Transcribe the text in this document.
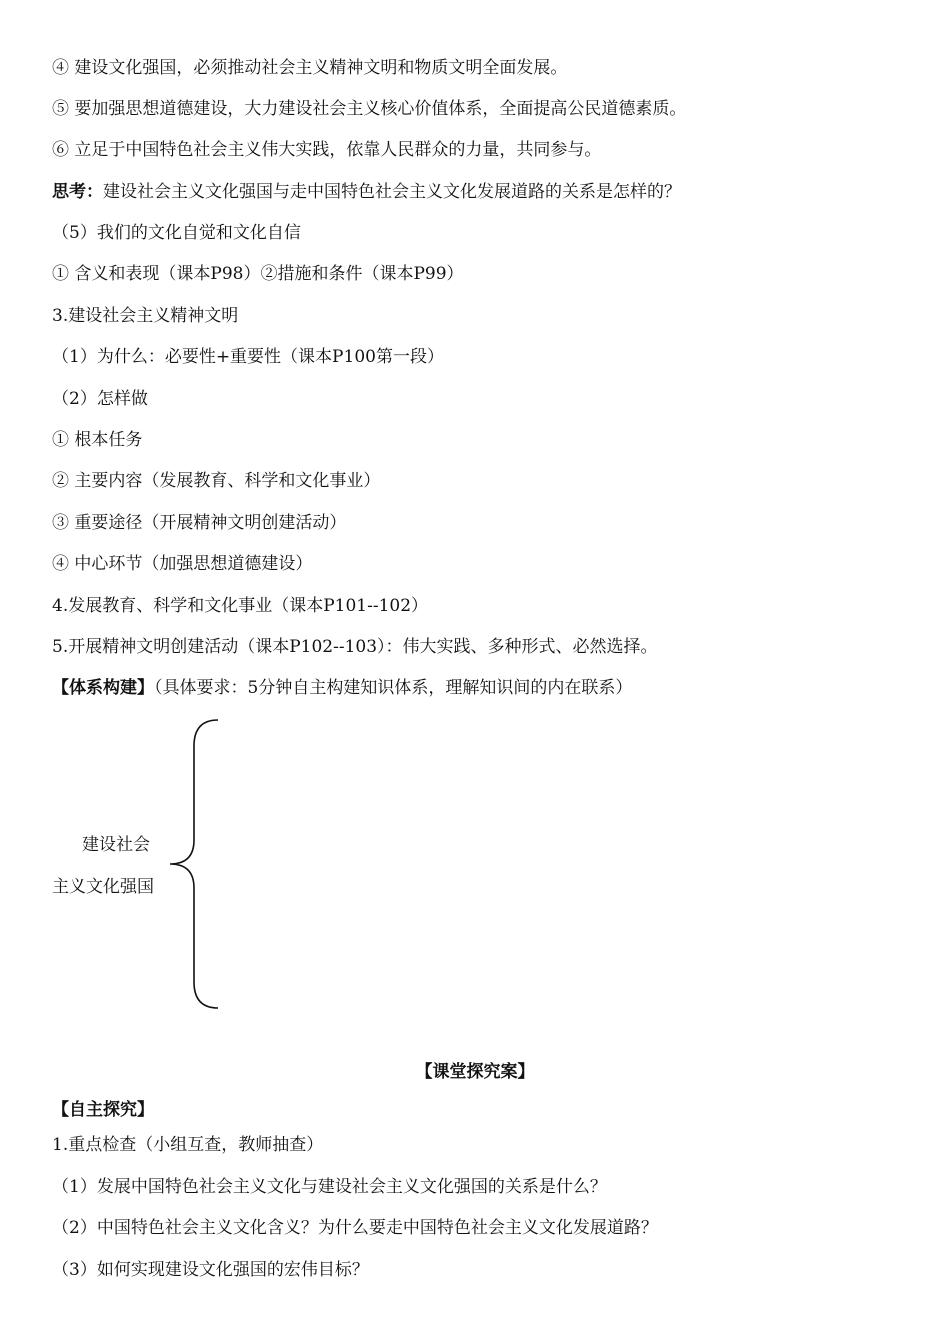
④ 建设文化强国，必须推动社会主义精神文明和物质文明全面发展。
⑤ 要加强思想道德建设，大力建设社会主义核心价值体系，全面提高公民道德素质。
⑥ 立足于中国特色社会主义伟大实践，依靠人民群众的力量，共同参与。
思考：建设社会主义文化强国与走中国特色社会主义文化发展道路的关系是怎样的？
（5）我们的文化自觉和文化自信
① 含义和表现（课本P98）②措施和条件（课本P99）
3.建设社会主义精神文明
（1）为什么：必要性+重要性（课本P100第一段）
（2）怎样做
① 根本任务
② 主要内容（发展教育、科学和文化事业）
③ 重要途径（开展精神文明创建活动）
④ 中心环节（加强思想道德建设）
4.发展教育、科学和文化事业（课本P101--102）
5.开展精神文明创建活动（课本P102--103）：伟大实践、多种形式、必然选择。
【体系构建】（具体要求：5分钟自主构建知识体系，理解知识间的内在联系）
建设社会
主义文化强国
【课堂探究案】
【自主探究】
1.重点检查（小组互查，教师抽查）
（1）发展中国特色社会主义文化与建设社会主义文化强国的关系是什么？
（2）中国特色社会主义文化含义？为什么要走中国特色社会主义文化发展道路？
（3）如何实现建设文化强国的宏伟目标？
